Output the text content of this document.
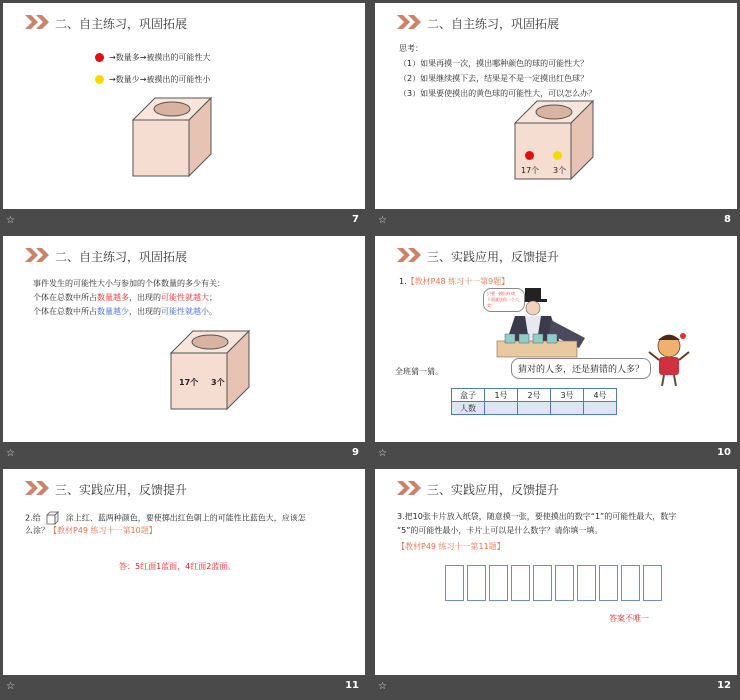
二、自主练习，巩固拓展
→数量多→被摸出的可能性大
→数量少→被摸出的可能性小
☆	7
二、自主练习，巩固拓展
思考：
（1）如果再摸一次，摸出哪种颜色的球的可能性大？
（2）如果继续摸下去，结果是不是一定摸出红色球？
（3）如果要使摸出的黄色球的可能性大，可以怎么办？
17个 3个
☆	8
二、自主练习，巩固拓展
事件发生的可能性大小与参加的个体数量的多少有关：
个体在总数中所占数量越多，出现的可能性就越大；
个体在总数中所占数量越少，出现的可能性就越小。
17个 3个
☆	9
三、实践应用，反馈提升
1.【教材P48 练习十一第9题】
只要一摸出红球，下面就送你一个大奖！
全班猜一猜。	猜对的人多，还是猜错的人多？
盒子	1号	2号	3号	4号
人数				
☆	10
三、实践应用，反馈提升
2.给	涂上红、蓝两种颜色，要使掷出红色朝上的可能性比蓝色大，应该怎
么涂？【教材P49 练习十一第10题】
答：5红面1蓝面，4红面2蓝面。
☆	11
三、实践应用，反馈提升
3.把10张卡片放入纸袋，随意摸一张，要使摸出的数字“1”的可能性最大，数字
“5”的可能性最小，卡片上可以是什么数字？请你填一填。
【教材P49 练习十一第11题】
答案不唯一
☆	12
